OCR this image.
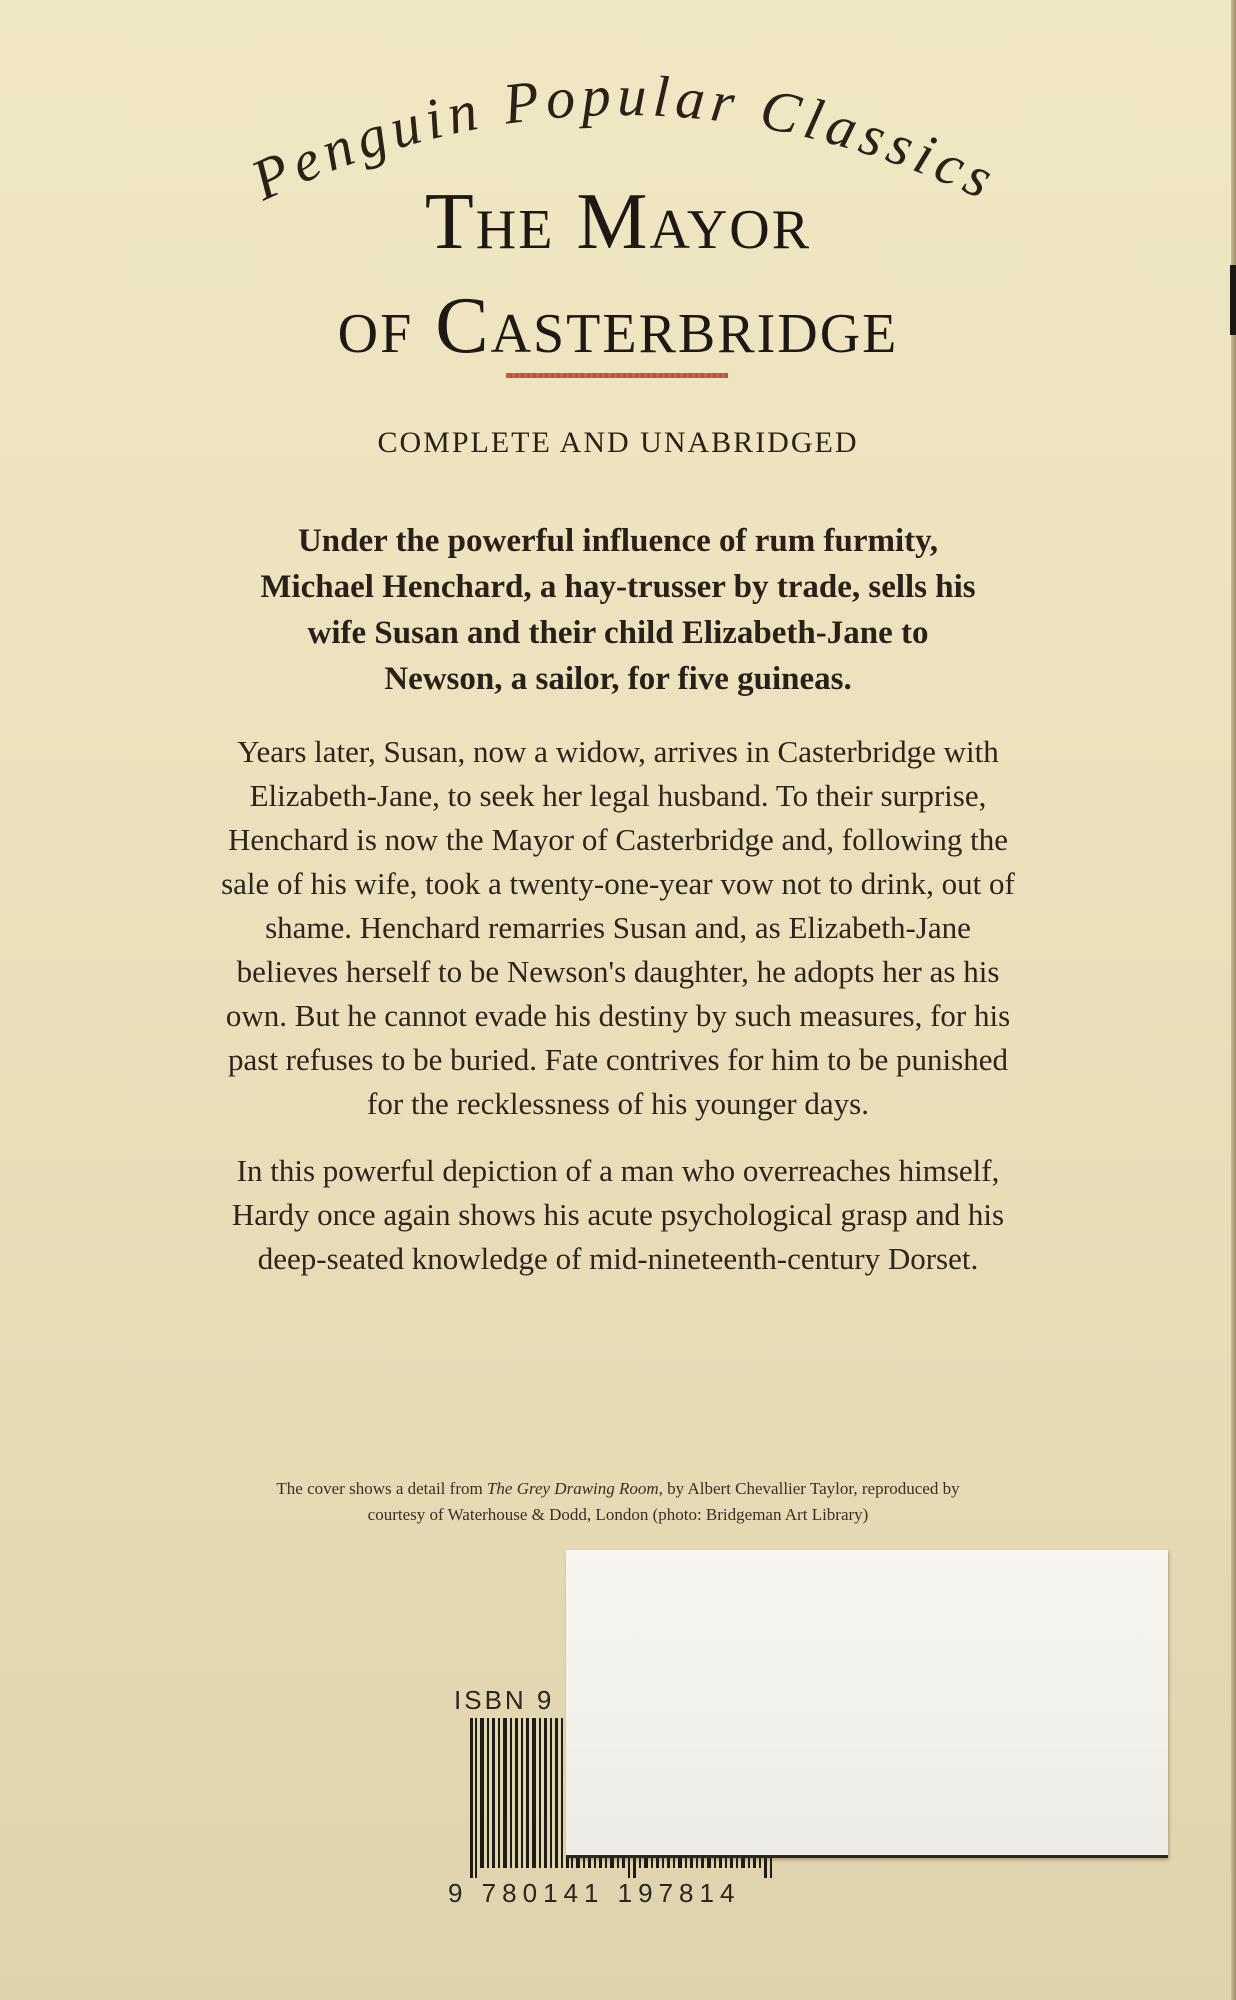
Penguin Popular Classics
The Mayor
of Casterbridge
COMPLETE AND UNABRIDGED
Under the powerful influence of rum furmity,
Michael Henchard, a hay-trusser by trade, sells his
wife Susan and their child Elizabeth-Jane to
Newson, a sailor, for five guineas.
Years later, Susan, now a widow, arrives in Casterbridge with
Elizabeth-Jane, to seek her legal husband. To their surprise,
Henchard is now the Mayor of Casterbridge and, following the
sale of his wife, took a twenty-one-year vow not to drink, out of
shame. Henchard remarries Susan and, as Elizabeth-Jane
believes herself to be Newson's daughter, he adopts her as his
own. But he cannot evade his destiny by such measures, for his
past refuses to be buried. Fate contrives for him to be punished
for the recklessness of his younger days.
In this powerful depiction of a man who overreaches himself,
Hardy once again shows his acute psychological grasp and his
deep-seated knowledge of mid-nineteenth-century Dorset.
The cover shows a detail from The Grey Drawing Room, by Albert Chevallier Taylor, reproduced by
courtesy of Waterhouse & Dodd, London (photo: Bridgeman Art Library)
ISBN 9
9 780141 197814
